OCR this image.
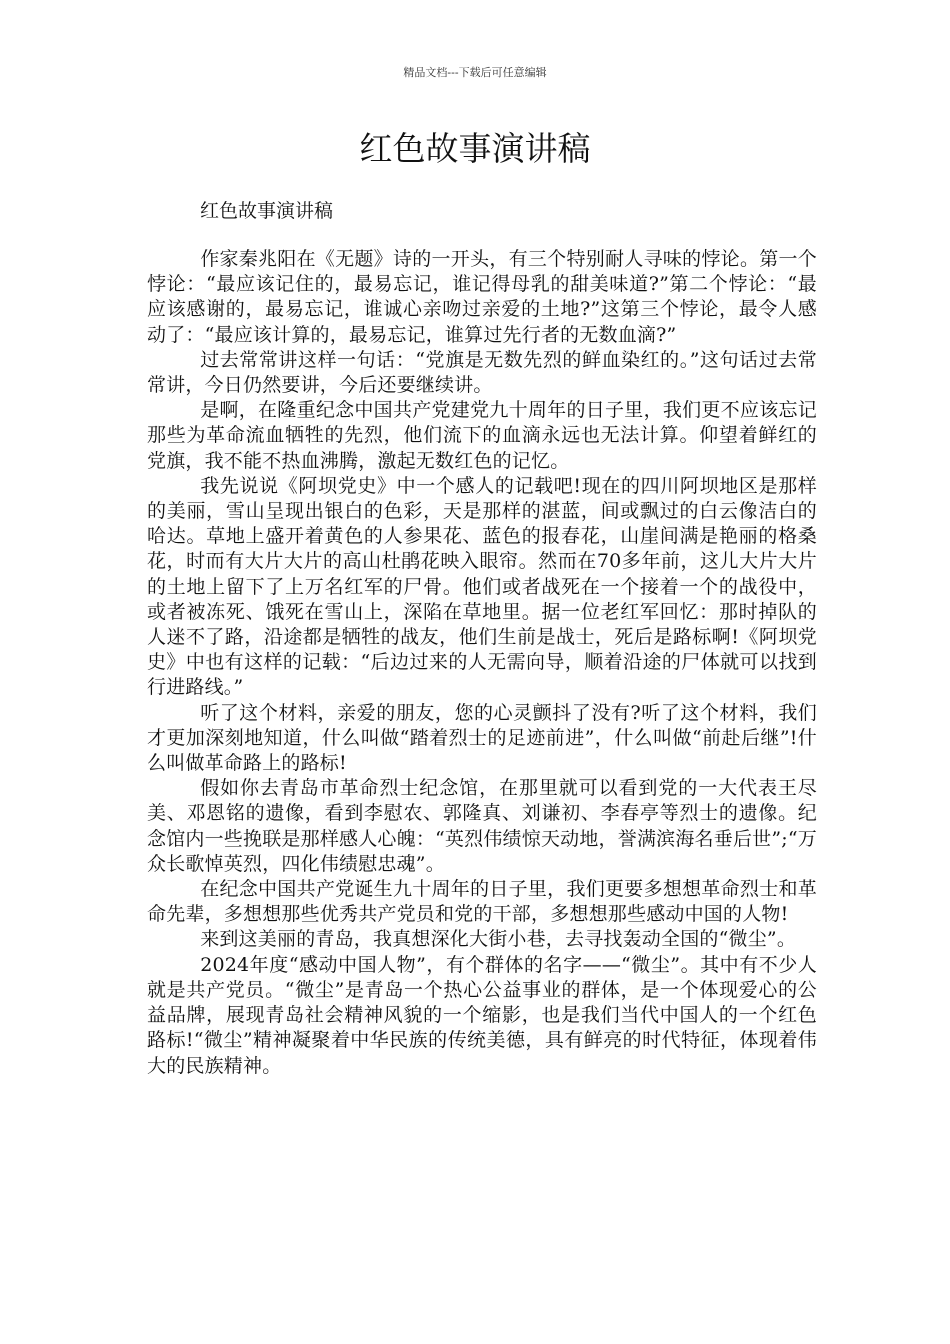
精品文档---下载后可任意编辑
红色故事演讲稿

红色故事演讲稿

作家秦兆阳在《无题》诗的一开头，有三个特别耐人寻味的悖论。第一个悖论：“最应该记住的，最易忘记，谁记得母乳的甜美味道?”第二个悖论：“最应该感谢的，最易忘记，谁诚心亲吻过亲爱的土地?”这第三个悖论，最令人感动了：“最应该计算的，最易忘记，谁算过先行者的无数血滴?”

过去常常讲这样一句话：“党旗是无数先烈的鲜血染红的。”这句话过去常常讲，今日仍然要讲，今后还要继续讲。

是啊，在隆重纪念中国共产党建党九十周年的日子里，我们更不应该忘记那些为革命流血牺牲的先烈，他们流下的血滴永远也无法计算。仰望着鲜红的党旗，我不能不热血沸腾，激起无数红色的记忆。

我先说说《阿坝党史》中一个感人的记载吧!现在的四川阿坝地区是那样的美丽，雪山呈现出银白的色彩，天是那样的湛蓝，间或飘过的白云像洁白的哈达。草地上盛开着黄色的人参果花、蓝色的报春花，山崖间满是艳丽的格桑花，时而有大片大片的高山杜鹃花映入眼帘。然而在70多年前，这儿大片大片的土地上留下了上万名红军的尸骨。他们或者战死在一个接着一个的战役中，或者被冻死、饿死在雪山上，深陷在草地里。据一位老红军回忆：那时掉队的人迷不了路，沿途都是牺牲的战友，他们生前是战士，死后是路标啊!《阿坝党史》中也有这样的记载：“后边过来的人无需向导，顺着沿途的尸体就可以找到行进路线。”

听了这个材料，亲爱的朋友，您的心灵颤抖了没有?听了这个材料，我们才更加深刻地知道，什么叫做“踏着烈士的足迹前进”，什么叫做“前赴后继”!什么叫做革命路上的路标!

假如你去青岛市革命烈士纪念馆，在那里就可以看到党的一大代表王尽美、邓恩铭的遗像，看到李慰农、郭隆真、刘谦初、李春亭等烈士的遗像。纪念馆内一些挽联是那样感人心魄：“英烈伟绩惊天动地，誉满滨海名垂后世”;“万众长歌悼英烈，四化伟绩慰忠魂”。

在纪念中国共产党诞生九十周年的日子里，我们更要多想想革命烈士和革命先辈，多想想那些优秀共产党员和党的干部，多想想那些感动中国的人物!

来到这美丽的青岛，我真想深化大街小巷，去寻找轰动全国的“微尘”。

2024年度“感动中国人物”，有个群体的名字——“微尘”。其中有不少人就是共产党员。“微尘”是青岛一个热心公益事业的群体，是一个体现爱心的公益品牌，展现青岛社会精神风貌的一个缩影，也是我们当代中国人的一个红色路标!“微尘”精神凝聚着中华民族的传统美德，具有鲜亮的时代特征，体现着伟大的民族精神。
